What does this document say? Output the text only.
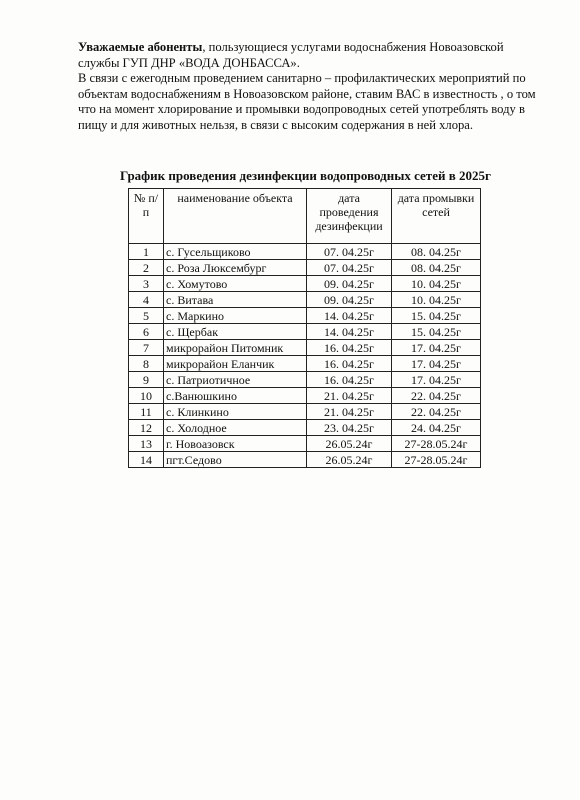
Уважаемые абоненты, пользующиеся услугами водоснабжения Новоазовской службы ГУП ДНР «ВОДА ДОНБАССА».

В связи с ежегодным проведением санитарно – профилактических мероприятий по объектам водоснабжениям в Новоазовском районе, ставим ВАС в известность , о том что на момент хлорирование и промывки водопроводных сетей употреблять воду в пищу и для животных нельзя, в связи с высоким содержания в ней хлора.

График проведения дезинфекции водопроводных сетей в 2025г
№ п/п	наименование объекта	дата проведения дезинфекции	дата промывки сетей
1	с. Гусельщиково	07. 04.25г	08. 04.25г
2	с. Роза Люксембург	07. 04.25г	08. 04.25г
3	с. Хомутово	09. 04.25г	10. 04.25г
4	с. Витава	09. 04.25г	10. 04.25г
5	с. Маркино	14. 04.25г	15. 04.25г
6	с. Щербак	14. 04.25г	15. 04.25г
7	микрорайон Питомник	16. 04.25г	17. 04.25г
8	микрорайон Еланчик	16. 04.25г	17. 04.25г
9	с. Патриотичное	16. 04.25г	17. 04.25г
10	с.Ванюшкино	21. 04.25г	22. 04.25г
11	с. Клинкино	21. 04.25г	22. 04.25г
12	с. Холодное	23. 04.25г	24. 04.25г
13	г. Новоазовск	26.05.24г	27-28.05.24г
14	пгт.Седово	26.05.24г	27-28.05.24г
